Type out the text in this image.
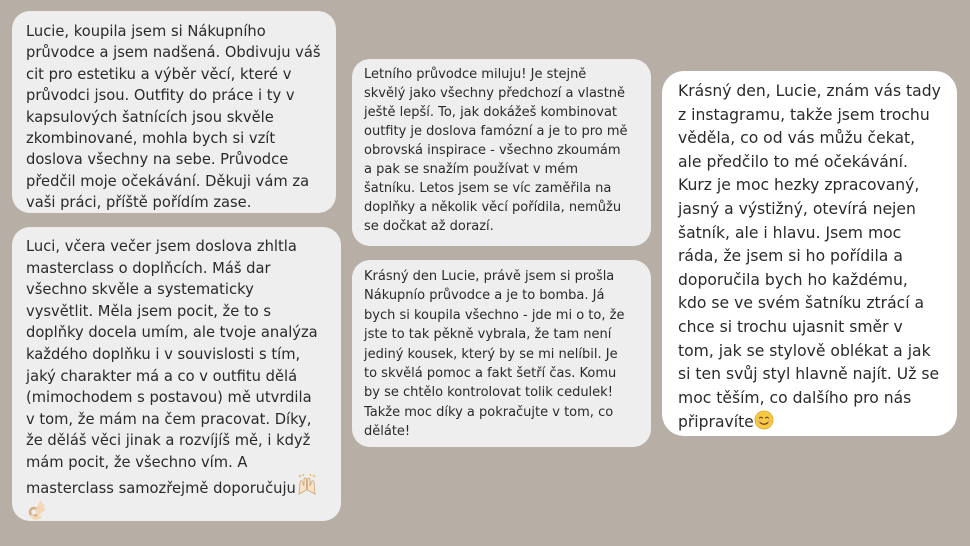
Lucie, koupila jsem si Nákupního
průvodce a jsem nadšená. Obdivuju váš
cit pro estetiku a výběr věcí, které v
průvodci jsou. Outfity do práce i ty v
kapsulových šatnících jsou skvěle
zkombinované, mohla bych si vzít
doslova všechny na sebe. Průvodce
předčil moje očekávání. Děkuji vám za
vaši práci, příště pořídím zase.
Luci, včera večer jsem doslova zhltla
masterclass o doplňcích. Máš dar
všechno skvěle a systematicky
vysvětlit. Měla jsem pocit, že to s
doplňky docela umím, ale tvoje analýza
každého doplňku i v souvislosti s tím,
jaký charakter má a co v outfitu dělá
(mimochodem s postavou) mě utvrdila
v tom, že mám na čem pracovat. Díky,
že děláš věci jinak a rozvíjíš mě, i když
mám pocit, že všechno vím. A
masterclass samozřejmě doporučuju

Letního průvodce miluju! Je stejně
skvělý jako všechny předchozí a vlastně
ještě lepší. To, jak dokážeš kombinovat
outfity je doslova famózní a je to pro mě
obrovská inspirace - všechno zkoumám
a pak se snažím používat v mém
šatníku. Letos jsem se víc zaměřila na
doplňky a několik věcí pořídila, nemůžu
se dočkat až dorazí.
Krásný den Lucie, právě jsem si prošla
Nákupnío průvodce a je to bomba. Já
bych si koupila všechno - jde mi o to, že
jste to tak pěkně vybrala, že tam není
jediný kousek, který by se mi nelíbil. Je
to skvělá pomoc a fakt šetří čas. Komu
by se chtělo kontrolovat tolik cedulek!
Takže moc díky a pokračujte v tom, co
děláte!
Krásný den, Lucie, znám vás tady
z instagramu, takže jsem trochu
věděla, co od vás můžu čekat,
ale předčilo to mé očekávání.
Kurz je moc hezky zpracovaný,
jasný a výstižný, otevírá nejen
šatník, ale i hlavu. Jsem moc
ráda, že jsem si ho pořídila a
doporučila bych ho každému,
kdo se ve svém šatníku ztrácí a
chce si trochu ujasnit směr v
tom, jak se stylově oblékat a jak
si ten svůj styl hlavně najít. Už se
moc těším, co dalšího pro nás
připravíte
